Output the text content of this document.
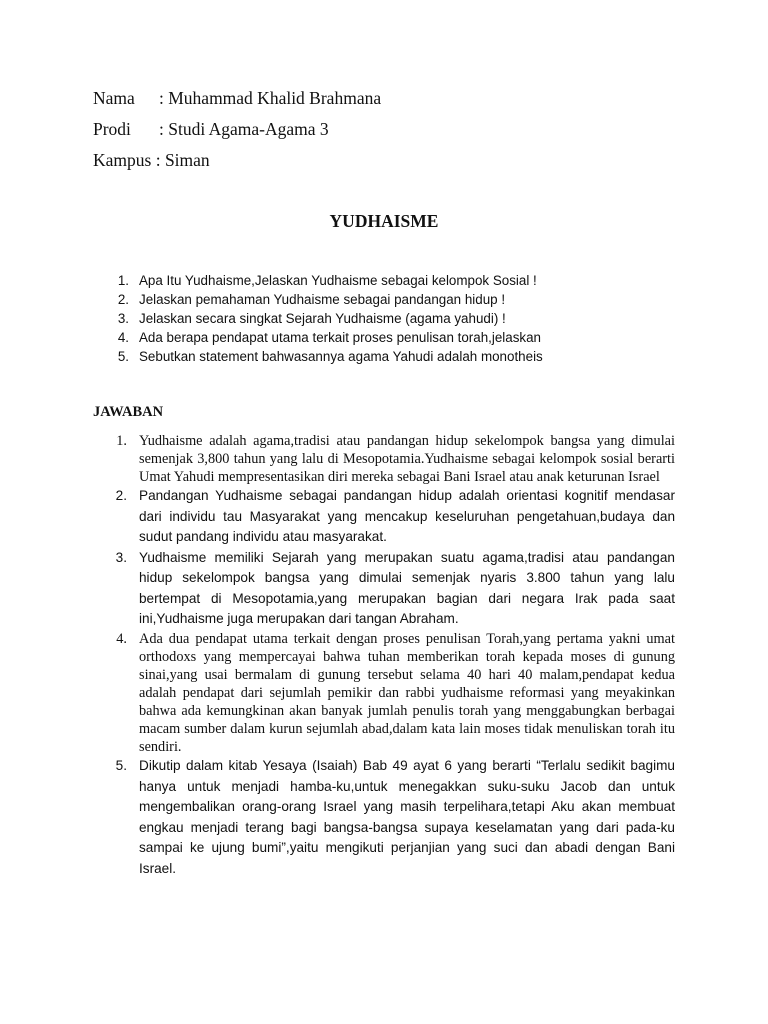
Nama : Muhammad Khalid Brahmana
Prodi : Studi Agama-Agama 3
Kampus : Siman
YUDHAISME
1. Apa Itu Yudhaisme,Jelaskan Yudhaisme sebagai kelompok Sosial !
2. Jelaskan pemahaman Yudhaisme sebagai pandangan hidup !
3. Jelaskan secara singkat Sejarah Yudhaisme (agama yahudi) !
4. Ada berapa pendapat utama terkait proses penulisan torah,jelaskan
5. Sebutkan statement bahwasannya agama Yahudi adalah monotheis
JAWABAN
1. Yudhaisme adalah agama,tradisi atau pandangan hidup sekelompok bangsa yang dimulai semenjak 3,800 tahun yang lalu di Mesopotamia.Yudhaisme sebagai kelompok sosial berarti Umat Yahudi mempresentasikan diri mereka sebagai Bani Israel atau anak keturunan Israel
2. Pandangan Yudhaisme sebagai pandangan hidup adalah orientasi kognitif mendasar dari individu tau Masyarakat yang mencakup keseluruhan pengetahuan,budaya dan sudut pandang individu atau masyarakat.
3. Yudhaisme memiliki Sejarah yang merupakan suatu agama,tradisi atau pandangan hidup sekelompok bangsa yang dimulai semenjak nyaris 3.800 tahun yang lalu bertempat di Mesopotamia,yang merupakan bagian dari negara Irak pada saat ini,Yudhaisme juga merupakan dari tangan Abraham.
4. Ada dua pendapat utama terkait dengan proses penulisan Torah,yang pertama yakni umat orthodoxs yang mempercayai bahwa tuhan memberikan torah kepada moses di gunung sinai,yang usai bermalam di gunung tersebut selama 40 hari 40 malam,pendapat kedua adalah pendapat dari sejumlah pemikir dan rabbi yudhaisme reformasi yang meyakinkan bahwa ada kemungkinan akan banyak jumlah penulis torah yang menggabungkan berbagai macam sumber dalam kurun sejumlah abad,dalam kata lain moses tidak menuliskan torah itu sendiri.
5. Dikutip dalam kitab Yesaya (Isaiah) Bab 49 ayat 6 yang berarti “Terlalu sedikit bagimu hanya untuk menjadi hamba-ku,untuk menegakkan suku-suku Jacob dan untuk mengembalikan orang-orang Israel yang masih terpelihara,tetapi Aku akan membuat engkau menjadi terang bagi bangsa-bangsa supaya keselamatan yang dari pada-ku sampai ke ujung bumi”,yaitu mengikuti perjanjian yang suci dan abadi dengan Bani Israel.
